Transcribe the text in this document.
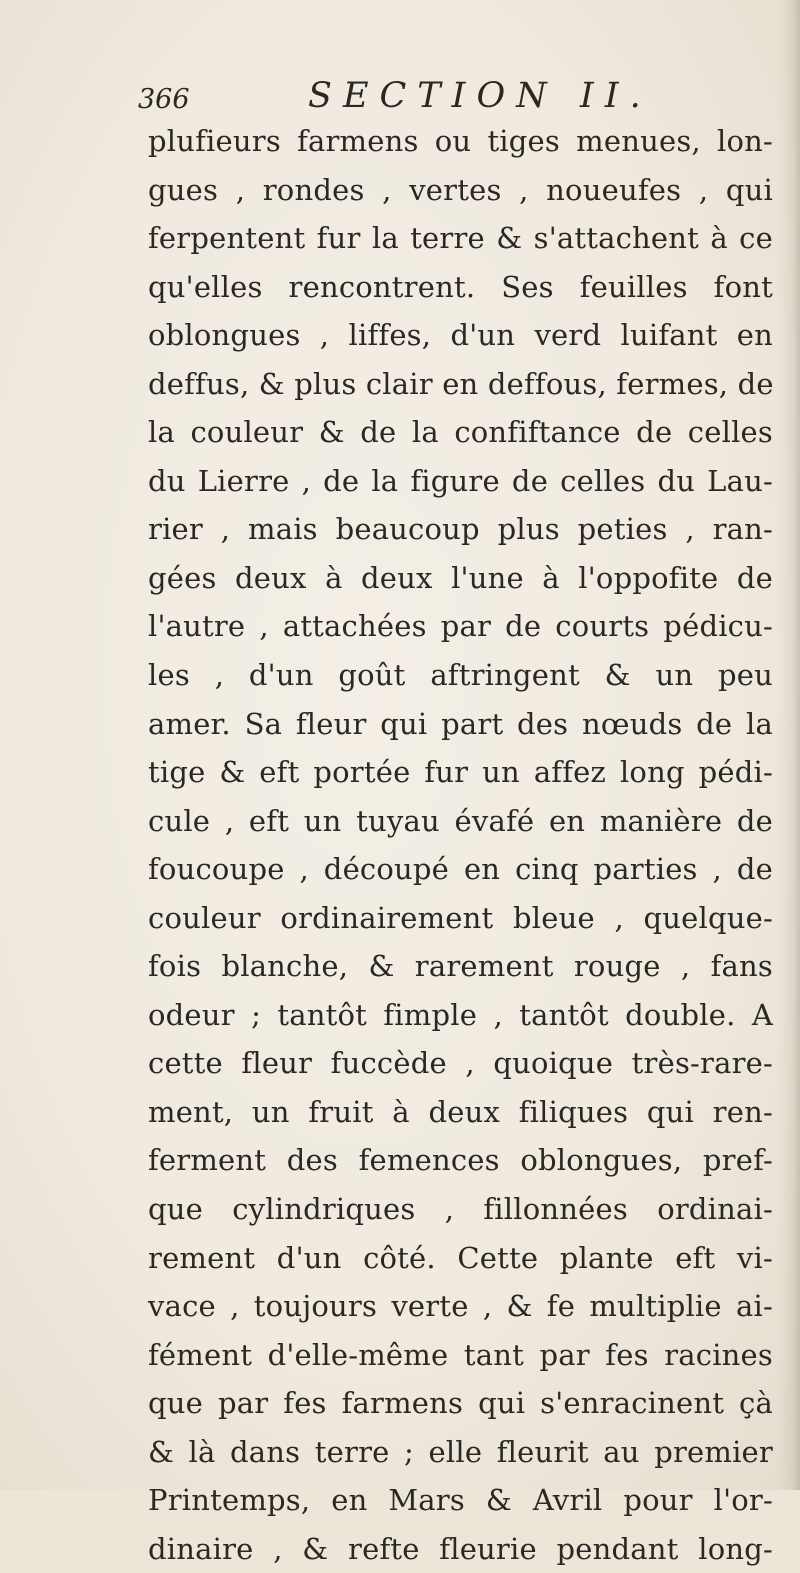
366	SECTION II.
plufieurs farmens ou tiges menues, lon-
gues , rondes , vertes , noueufes , qui
ferpentent fur la terre & s'attachent à ce
qu'elles rencontrent. Ses feuilles font
oblongues , liffes, d'un verd luifant en
deffus, & plus clair en deffous, fermes, de
la couleur & de la confiftance de celles
du Lierre , de la figure de celles du Lau-
rier , mais beaucoup plus peties , ran-
gées deux à deux l'une à l'oppofite de
l'autre , attachées par de courts pédicu-
les , d'un goût aftringent & un peu
amer. Sa fleur qui part des nœuds de la
tige & eft portée fur un affez long pédi-
cule , eft un tuyau évafé en manière de
foucoupe , découpé en cinq parties , de
couleur ordinairement bleue , quelque-
fois blanche, & rarement rouge , fans
odeur ; tantôt fimple , tantôt double. A
cette fleur fuccède , quoique très-rare-
ment, un fruit à deux filiques qui ren-
ferment des femences oblongues, pref-
que cylindriques , fillonnées ordinai-
rement d'un côté. Cette plante eft vi-
vace , toujours verte , & fe multiplie ai-
fément d'elle-même tant par fes racines
que par fes farmens qui s'enracinent çà
& là dans terre ; elle fleurit au premier
Printemps, en Mars & Avril pour l'or-
dinaire , & refte fleurie pendant long-
